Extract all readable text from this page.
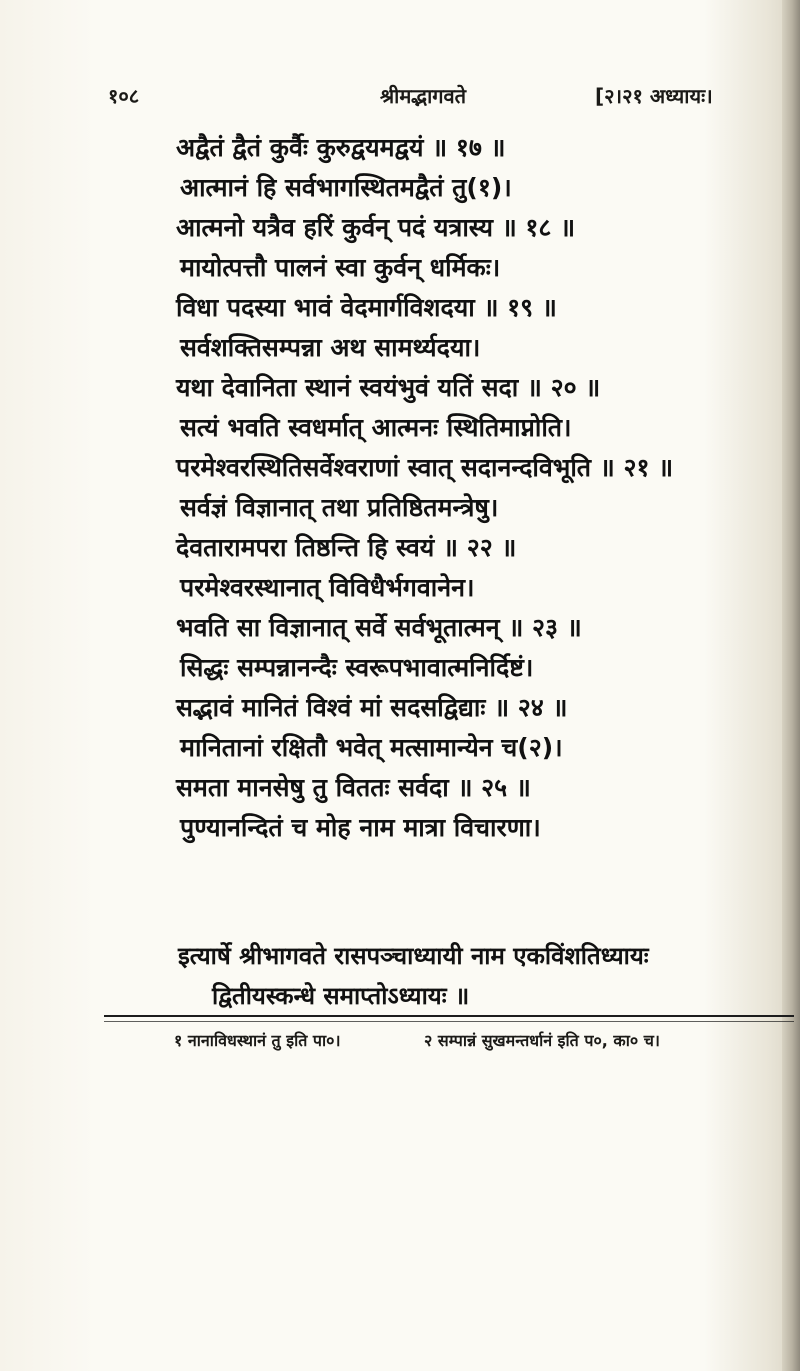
१०८	श्रीमद्भागवते	[२।२१ अध्यायः।
अद्वैतं द्वैतं कुर्वैः कुरुद्वयमद्वयं ॥ १७ ॥
आत्मानं हि सर्वभागस्थितमद्वैतं तु(१)।
आत्मनो यत्रैव हरिं कुर्वन् पदं यत्रास्य ॥ १८ ॥
मायोत्पत्तौ पालनं स्वा कुर्वन् धर्मिकः।
विधा पदस्या भावं वेदमार्गविशदया ॥ १९ ॥
सर्वशक्तिसम्पन्ना अथ सामर्थ्यदया।
यथा देवानिता स्थानं स्वयंभुवं यतिं सदा ॥ २० ॥
सत्यं भवति स्वधर्मात् आत्मनः स्थितिमाप्नोति।
परमेश्वरस्थितिसर्वेश्वराणां स्वात् सदानन्दविभूति ॥ २१ ॥
सर्वज्ञं विज्ञानात् तथा प्रतिष्ठितमन्त्रेषु।
देवतारामपरा तिष्ठन्ति हि स्वयं ॥ २२ ॥
परमेश्वरस्थानात् विविधैर्भगवानेन।
भवति सा विज्ञानात् सर्वे सर्वभूतात्मन् ॥ २३ ॥
सिद्धः सम्पन्नानन्दैः स्वरूपभावात्मनिर्दिष्टं।
सद्भावं मानितं विश्वं मां सदसद्विद्याः ॥ २४ ॥
मानितानां रक्षितौ भवेत् मत्सामान्येन च(२)।
समता मानसेषु तु विततः सर्वदा ॥ २५ ॥
पुण्यानन्दितं च मोह नाम मात्रा विचारणा।
इत्यार्षे श्रीभागवते रासपञ्चाध्यायी नाम एकविंशतिध्यायः
द्वितीयस्कन्धे समाप्तोऽध्यायः ॥
१ नानाविधस्थानं तु इति पा०।	२ सम्पान्नं सुखमन्तर्धानं इति प०, का० च।
